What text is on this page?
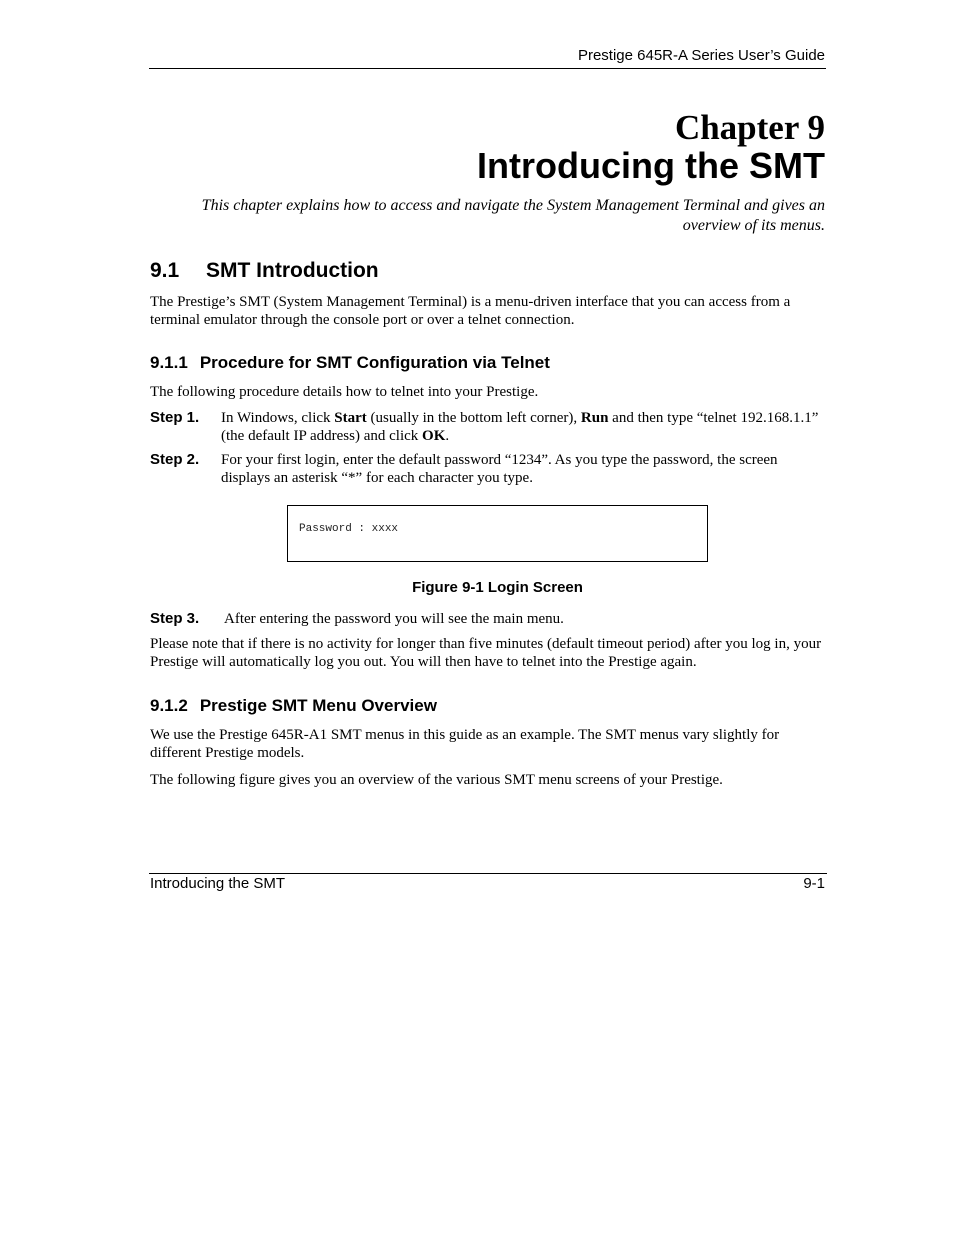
Prestige 645R-A Series User’s Guide
Chapter 9
Introducing the SMT
This chapter explains how to access and navigate the System Management Terminal and gives an
overview of its menus.
9.1 SMT Introduction
The Prestige’s SMT (System Management Terminal) is a menu-driven interface that you can access from a terminal emulator through the console port or over a telnet connection.
9.1.1 Procedure for SMT Configuration via Telnet
The following procedure details how to telnet into your Prestige.
Step 1. In Windows, click Start (usually in the bottom left corner), Run and then type “telnet 192.168.1.1” (the default IP address) and click OK.
Step 2. For your first login, enter the default password “1234”. As you type the password, the screen displays an asterisk “*” for each character you type.
Password : xxxx
Figure 9-1 Login Screen
Step 3. After entering the password you will see the main menu.
Please note that if there is no activity for longer than five minutes (default timeout period) after you log in, your Prestige will automatically log you out. You will then have to telnet into the Prestige again.
9.1.2 Prestige SMT Menu Overview
We use the Prestige 645R-A1 SMT menus in this guide as an example. The SMT menus vary slightly for different Prestige models.
The following figure gives you an overview of the various SMT menu screens of your Prestige.
Introducing the SMT	9-1
